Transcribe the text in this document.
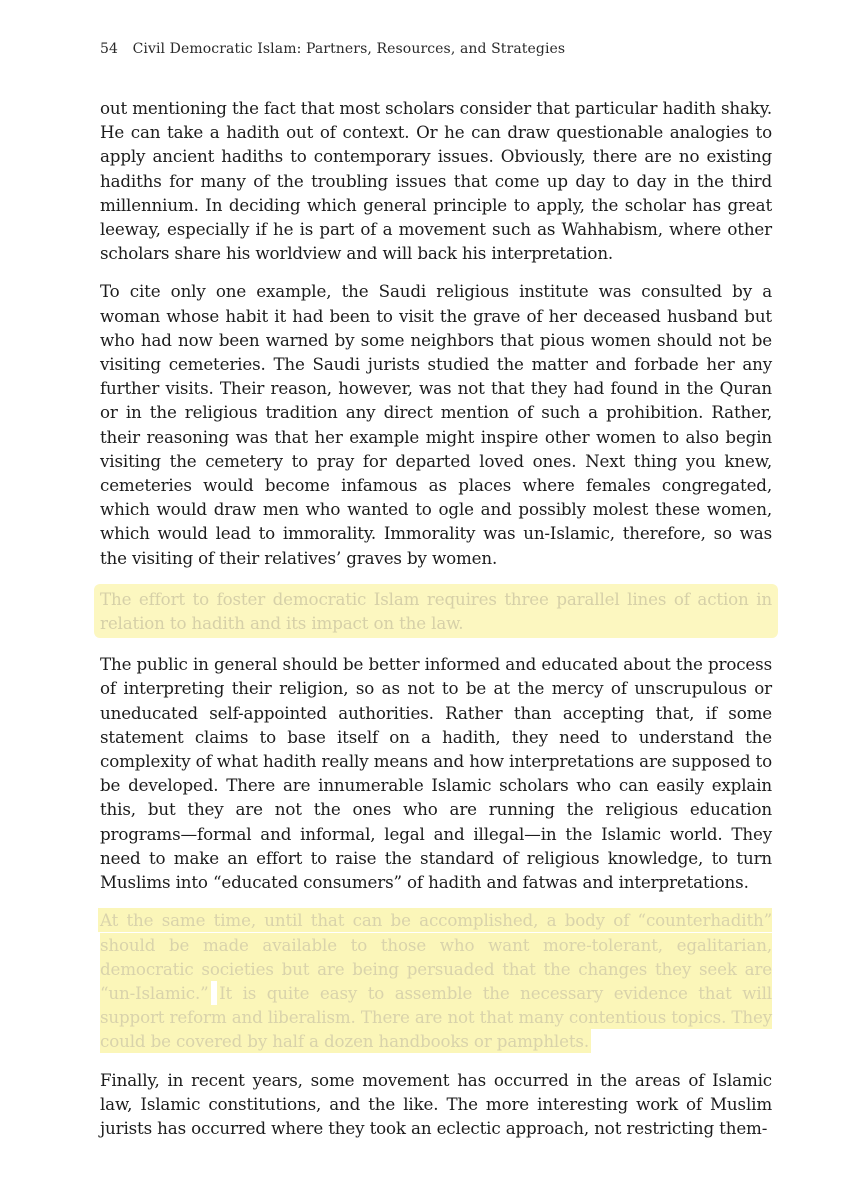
54 Civil Democratic Islam: Partners, Resources, and Strategies

out mentioning the fact that most scholars consider that particular hadith shaky. He can take a hadith out of context. Or he can draw questionable analogies to apply ancient hadiths to contemporary issues. Obviously, there are no existing hadiths for many of the troubling issues that come up day to day in the third millennium. In deciding which general principle to apply, the scholar has great leeway, especially if he is part of a movement such as Wahhabism, where other scholars share his worldview and will back his interpretation.

To cite only one example, the Saudi religious institute was consulted by a woman whose habit it had been to visit the grave of her deceased husband but who had now been warned by some neighbors that pious women should not be visiting cemeteries. The Saudi jurists studied the matter and forbade her any further visits. Their reason, however, was not that they had found in the Quran or in the religious tradition any direct mention of such a prohibition. Rather, their reasoning was that her example might inspire other women to also begin visiting the cemetery to pray for departed loved ones. Next thing you knew, cemeteries would become infamous as places where females congregated, which would draw men who wanted to ogle and possibly molest these women, which would lead to immorality. Immorality was un-Islamic, therefore, so was the visiting of their relatives’ graves by women.

The effort to foster democratic Islam requires three parallel lines of action in relation to hadith and its impact on the law.

The public in general should be better informed and educated about the process of interpreting their religion, so as not to be at the mercy of unscrupulous or uneducated self-appointed authorities. Rather than accepting that, if some statement claims to base itself on a hadith, they need to understand the complexity of what hadith really means and how interpretations are supposed to be developed. There are innumerable Islamic scholars who can easily explain this, but they are not the ones who are running the religious education programs—formal and informal, legal and illegal—in the Islamic world. They need to make an effort to raise the standard of religious knowledge, to turn Muslims into “educated consumers” of hadith and fatwas and interpretations.

At the same time, until that can be accomplished, a body of “counterhadith” should be made available to those who want more-tolerant, egalitarian, democratic societies but are being persuaded that the changes they seek are “un-Islamic.” It is quite easy to assemble the necessary evidence that will support reform and liberalism. There are not that many contentious topics. They could be covered by half a dozen handbooks or pamphlets.

Finally, in recent years, some movement has occurred in the areas of Islamic law, Islamic constitutions, and the like. The more interesting work of Muslim jurists has occurred where they took an eclectic approach, not restricting them-
